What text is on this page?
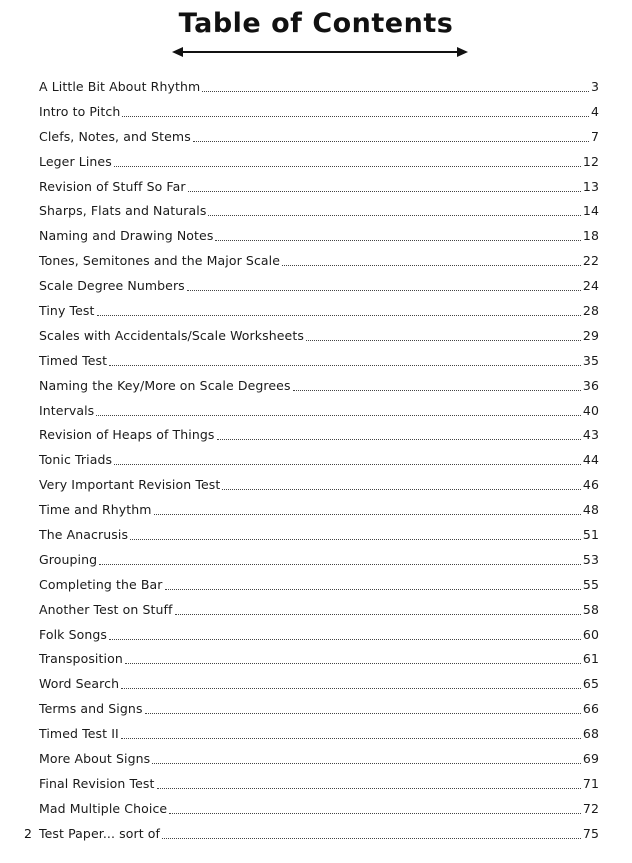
Table of Contents
A Little Bit About Rhythm	3
Intro to Pitch	4
Clefs, Notes, and Stems	7
Leger Lines	12
Revision of Stuff So Far	13
Sharps, Flats and Naturals	14
Naming and Drawing Notes	18
Tones, Semitones and the Major Scale	22
Scale Degree Numbers	24
Tiny Test	28
Scales with Accidentals/Scale Worksheets	29
Timed Test	35
Naming the Key/More on Scale Degrees	36
Intervals	40
Revision of Heaps of Things	43
Tonic Triads	44
Very Important Revision Test	46
Time and Rhythm	48
The Anacrusis	51
Grouping	53
Completing the Bar	55
Another Test on Stuff	58
Folk Songs	60
Transposition	61
Word Search	65
Terms and Signs	66
Timed Test II	68
More About Signs	69
Final Revision Test	71
Mad Multiple Choice	72
Test Paper... sort of	75
2
